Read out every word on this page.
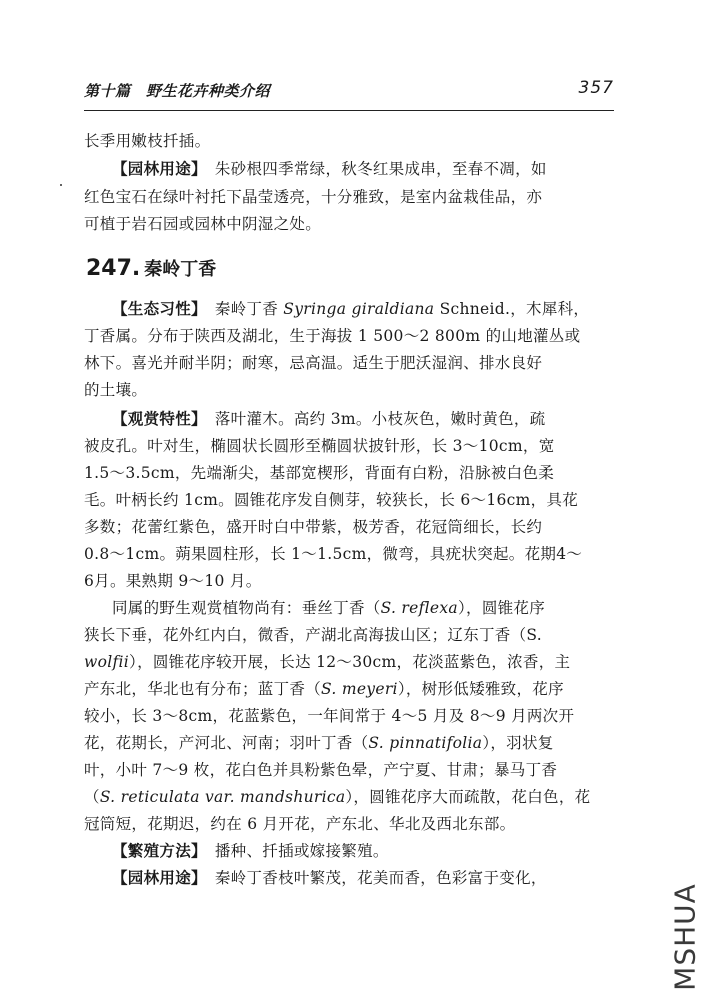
第十篇　野生花卉种类介绍	357
长季用嫩枝扦插。
【园林用途】　朱砂根四季常绿，秋冬红果成串，至春不凋，如
红色宝石在绿叶衬托下晶莹透亮，十分雅致，是室内盆栽佳品，亦
可植于岩石园或园林中阴湿之处。
247. 秦岭丁香
【生态习性】　秦岭丁香 Syringa giraldiana Schneid.，木犀科，
丁香属。分布于陕西及湖北，生于海拔 1 500～2 800m 的山地灌丛或
林下。喜光并耐半阴；耐寒，忌高温。适生于肥沃湿润、排水良好
的土壤。
【观赏特性】　落叶灌木。高约 3m。小枝灰色，嫩时黄色，疏
被皮孔。叶对生，椭圆状长圆形至椭圆状披针形，长 3～10cm，宽
1.5～3.5cm，先端渐尖，基部宽楔形，背面有白粉，沿脉被白色柔
毛。叶柄长约 1cm。圆锥花序发自侧芽，较狭长，长 6～16cm，具花
多数；花蕾红紫色，盛开时白中带紫，极芳香，花冠筒细长，长约
0.8～1cm。蒴果圆柱形，长 1～1.5cm，微弯，具疣状突起。花期4～
6月。果熟期 9～10 月。
同属的野生观赏植物尚有：垂丝丁香（S. reflexa），圆锥花序
狭长下垂，花外红内白，微香，产湖北高海拔山区；辽东丁香（S.
wolfii），圆锥花序较开展，长达 12～30cm，花淡蓝紫色，浓香，主
产东北，华北也有分布；蓝丁香（S. meyeri），树形低矮雅致，花序
较小，长 3～8cm，花蓝紫色，一年间常于 4～5 月及 8～9 月两次开
花，花期长，产河北、河南；羽叶丁香（S. pinnatifolia），羽状复
叶，小叶 7～9 枚，花白色并具粉紫色晕，产宁夏、甘肃；暴马丁香
（S. reticulata var. mandshurica），圆锥花序大而疏散，花白色，花
冠筒短，花期迟，约在 6 月开花，产东北、华北及西北东部。
【繁殖方法】　播种、扦插或嫁接繁殖。
【园林用途】　秦岭丁香枝叶繁茂，花美而香，色彩富于变化，
MSHUA
